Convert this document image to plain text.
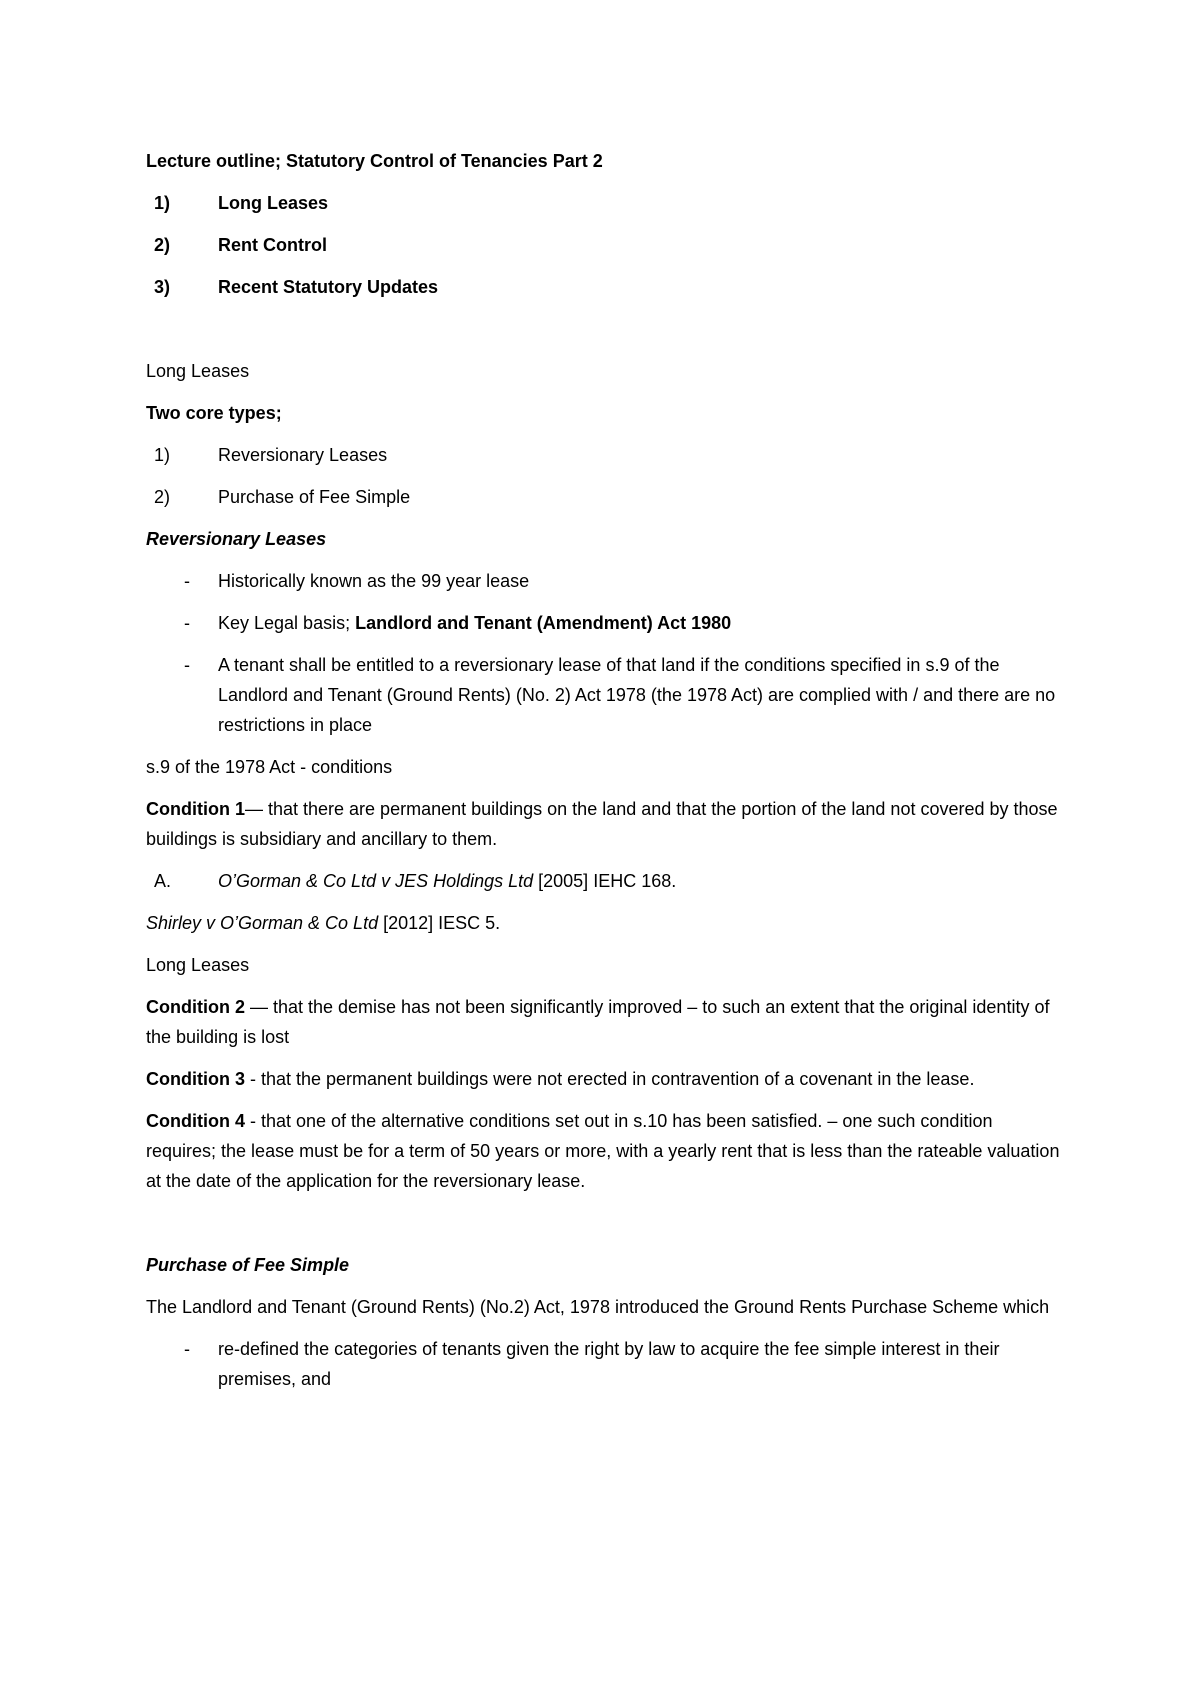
Lecture outline; Statutory Control of Tenancies Part 2

1)	Long Leases
2)	Rent Control
3)	Recent Statutory Updates

Long Leases

Two core types;

1)	Reversionary Leases
2)	Purchase of Fee Simple

Reversionary Leases

- Historically known as the 99 year lease
- Key Legal basis; Landlord and Tenant (Amendment) Act 1980
- A tenant shall be entitled to a reversionary lease of that land if the conditions specified in s.9 of the Landlord and Tenant (Ground Rents) (No. 2) Act 1978 (the 1978 Act) are complied with / and there are no restrictions in place

s.9 of the 1978 Act - conditions

Condition 1— that there are permanent buildings on the land and that the portion of the land not covered by those buildings is subsidiary and ancillary to them.

A.	O’Gorman & Co Ltd v JES Holdings Ltd [2005] IEHC 168.

Shirley v O’Gorman & Co Ltd [2012] IESC 5.

Long Leases

Condition 2 — that the demise has not been significantly improved – to such an extent that the original identity of the building is lost

Condition 3 - that the permanent buildings were not erected in contravention of a covenant in the lease.

Condition 4 - that one of the alternative conditions set out in s.10 has been satisfied. – one such condition requires; the lease must be for a term of 50 years or more, with a yearly rent that is less than the rateable valuation at the date of the application for the reversionary lease.

Purchase of Fee Simple

The Landlord and Tenant (Ground Rents) (No.2) Act, 1978 introduced the Ground Rents Purchase Scheme which

- re-defined the categories of tenants given the right by law to acquire the fee simple interest in their premises, and
